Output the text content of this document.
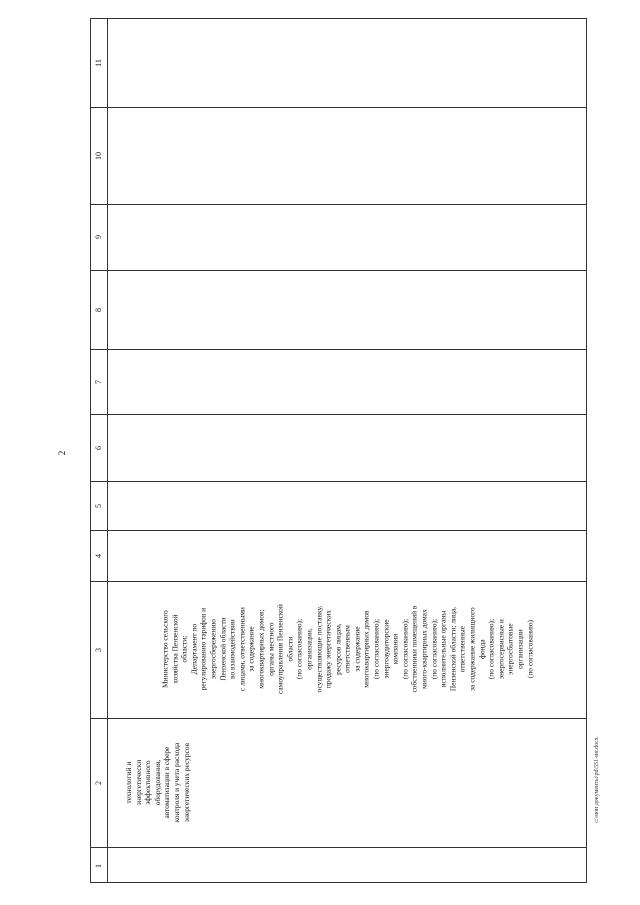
2
1
2
3
4
5
6
7
8
9
10
11

технологий и энергетически эффективного оборудования, автоматизации в сфере контроля и учета расхода энергетических ресурсов

Министерство сельского хозяйства Пензенской области; Департамент по регулированию тарифов и энергосбережению Пензенской области во взаимодействии с лицами, ответственными за содержание многоквартирных домов; органы местного самоуправления Пензенской области (по согласованию); организации, осуществляющие поставку, продажу энергетических ресурсов лицам, ответственным за содержание многоквартирных домов (по согласованию); энергоаудиторские компании (по согласованию); собственники помещений в много-квартирных домах (по согласованию); исполнительные органы Пензенской области; лица, ответственные за содержание жилищного фонда (по согласованию); энергосервисные и энергосбытовые организации (по согласованию)

c:\мои документы\pd\551-ин.docx
